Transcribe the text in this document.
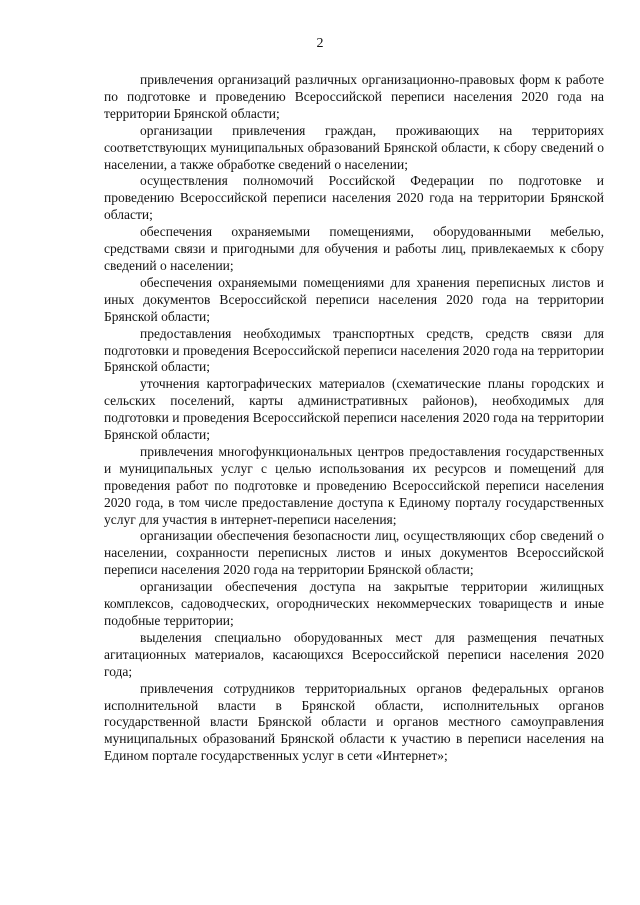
2

привлечения организаций различных организационно-правовых форм к работе по подготовке и проведению Всероссийской переписи населения 2020 года на территории Брянской области;

организации привлечения граждан, проживающих на территориях соответствующих муниципальных образований Брянской области, к сбору сведений о населении, а также обработке сведений о населении;

осуществления полномочий Российской Федерации по подготовке и проведению Всероссийской переписи населения 2020 года на территории Брянской области;

обеспечения охраняемыми помещениями, оборудованными мебелью, средствами связи и пригодными для обучения и работы лиц, привлекаемых к сбору сведений о населении;

обеспечения охраняемыми помещениями для хранения переписных листов и иных документов Всероссийской переписи населения 2020 года на территории Брянской области;

предоставления необходимых транспортных средств, средств связи для подготовки и проведения Всероссийской переписи населения 2020 года на территории Брянской области;

уточнения картографических материалов (схематические планы городских и сельских поселений, карты административных районов), необходимых для подготовки и проведения Всероссийской переписи населения 2020 года на территории Брянской области;

привлечения многофункциональных центров предоставления государственных и муниципальных услуг с целью использования их ресурсов и помещений для проведения работ по подготовке и проведению Всероссийской переписи населения 2020 года, в том числе предоставление доступа к Единому порталу государственных услуг для участия в интернет-переписи населения;

организации обеспечения безопасности лиц, осуществляющих сбор сведений о населении, сохранности переписных листов и иных документов Всероссийской переписи населения 2020 года на территории Брянской области;

организации обеспечения доступа на закрытые территории жилищных комплексов, садоводческих, огороднических некоммерческих товариществ и иные подобные территории;

выделения специально оборудованных мест для размещения печатных агитационных материалов, касающихся Всероссийской переписи населения 2020 года;

привлечения сотрудников территориальных органов федеральных органов исполнительной власти в Брянской области, исполнительных органов государственной власти Брянской области и органов местного самоуправления муниципальных образований Брянской области к участию в переписи населения на Едином портале государственных услуг в сети «Интернет»;
